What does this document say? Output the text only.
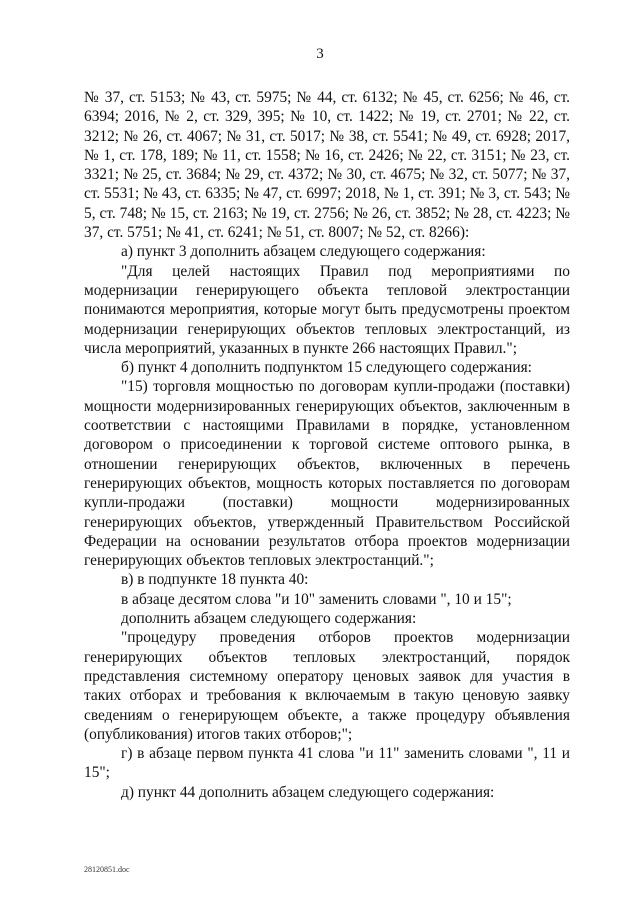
3

№ 37, ст. 5153; № 43, ст. 5975; № 44, ст. 6132; № 45, ст. 6256; № 46, ст. 6394; 2016, № 2, ст. 329, 395; № 10, ст. 1422; № 19, ст. 2701; № 22, ст. 3212; № 26, ст. 4067; № 31, ст. 5017; № 38, ст. 5541; № 49, ст. 6928; 2017, № 1, ст. 178, 189; № 11, ст. 1558; № 16, ст. 2426; № 22, ст. 3151; № 23, ст. 3321; № 25, ст. 3684; № 29, ст. 4372; № 30, ст. 4675; № 32, ст. 5077; № 37, ст. 5531; № 43, ст. 6335; № 47, ст. 6997; 2018, № 1, ст. 391; № 3, ст. 543; № 5, ст. 748; № 15, ст. 2163; № 19, ст. 2756; № 26, ст. 3852; № 28, ст. 4223; № 37, ст. 5751; № 41, ст. 6241; № 51, ст. 8007; № 52, ст. 8266):

а) пункт 3 дополнить абзацем следующего содержания:

"Для целей настоящих Правил под мероприятиями по модернизации генерирующего объекта тепловой электростанции понимаются мероприятия, которые могут быть предусмотрены проектом модернизации генерирующих объектов тепловых электростанций, из числа мероприятий, указанных в пункте 266 настоящих Правил.";

б) пункт 4 дополнить подпунктом 15 следующего содержания:

"15) торговля мощностью по договорам купли-продажи (поставки) мощности модернизированных генерирующих объектов, заключенным в соответствии с настоящими Правилами в порядке, установленном договором о присоединении к торговой системе оптового рынка, в отношении генерирующих объектов, включенных в перечень генерирующих объектов, мощность которых поставляется по договорам купли-продажи (поставки) мощности модернизированных генерирующих объектов, утвержденный Правительством Российской Федерации на основании результатов отбора проектов модернизации генерирующих объектов тепловых электростанций.";

в) в подпункте 18 пункта 40:

в абзаце десятом слова "и 10" заменить словами ", 10 и 15";

дополнить абзацем следующего содержания:

"процедуру проведения отборов проектов модернизации генерирующих объектов тепловых электростанций, порядок представления системному оператору ценовых заявок для участия в таких отборах и требования к включаемым в такую ценовую заявку сведениям о генерирующем объекте, а также процедуру объявления (опубликования) итогов таких отборов;";

г) в абзаце первом пункта 41 слова "и 11" заменить словами ", 11 и 15";

д) пункт 44 дополнить абзацем следующего содержания:

28120851.doc
